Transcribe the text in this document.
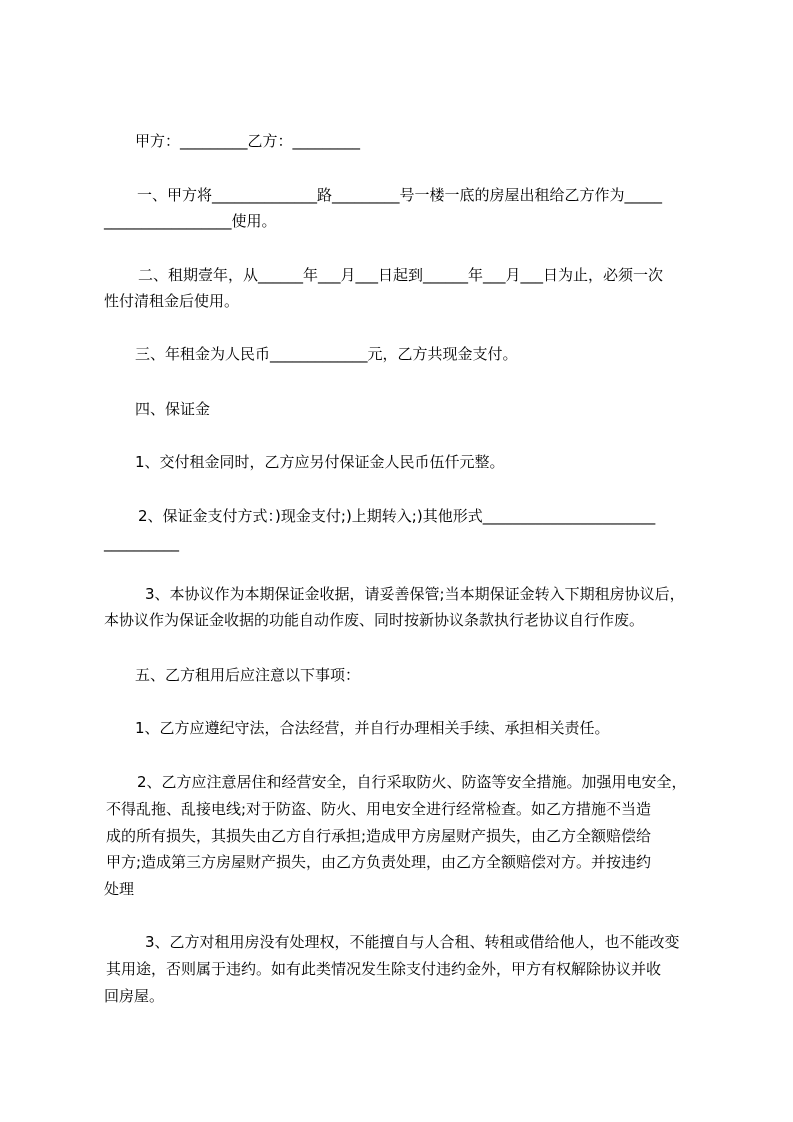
甲方：_________乙方：_________
一、甲方将______________路_________号一楼一底的房屋出租给乙方作为_____
_________________使用。
二、租期壹年，从______年___月___日起到______年___月___日为止，必须一次
性付清租金后使用。
三、年租金为人民币_____________元，乙方共现金支付。
四、保证金
1、交付租金同时，乙方应另付保证金人民币伍仟元整。
2、保证金支付方式：)现金支付;)上期转入;)其他形式_______________________
__________
3、本协议作为本期保证金收据，请妥善保管;当本期保证金转入下期租房协议后，
本协议作为保证金收据的功能自动作废、同时按新协议条款执行老协议自行作废。
五、乙方租用后应注意以下事项：
1、乙方应遵纪守法，合法经营，并自行办理相关手续、承担相关责任。
2、乙方应注意居住和经营安全，自行采取防火、防盗等安全措施。加强用电安全，
不得乱拖、乱接电线;对于防盗、防火、用电安全进行经常检查。如乙方措施不当造
成的所有损失，其损失由乙方自行承担;造成甲方房屋财产损失，由乙方全额赔偿给
甲方;造成第三方房屋财产损失，由乙方负责处理，由乙方全额赔偿对方。并按违约
处理
3、乙方对租用房没有处理权，不能擅自与人合租、转租或借给他人，也不能改变
其用途，否则属于违约。如有此类情况发生除支付违约金外，甲方有权解除协议并收
回房屋。
